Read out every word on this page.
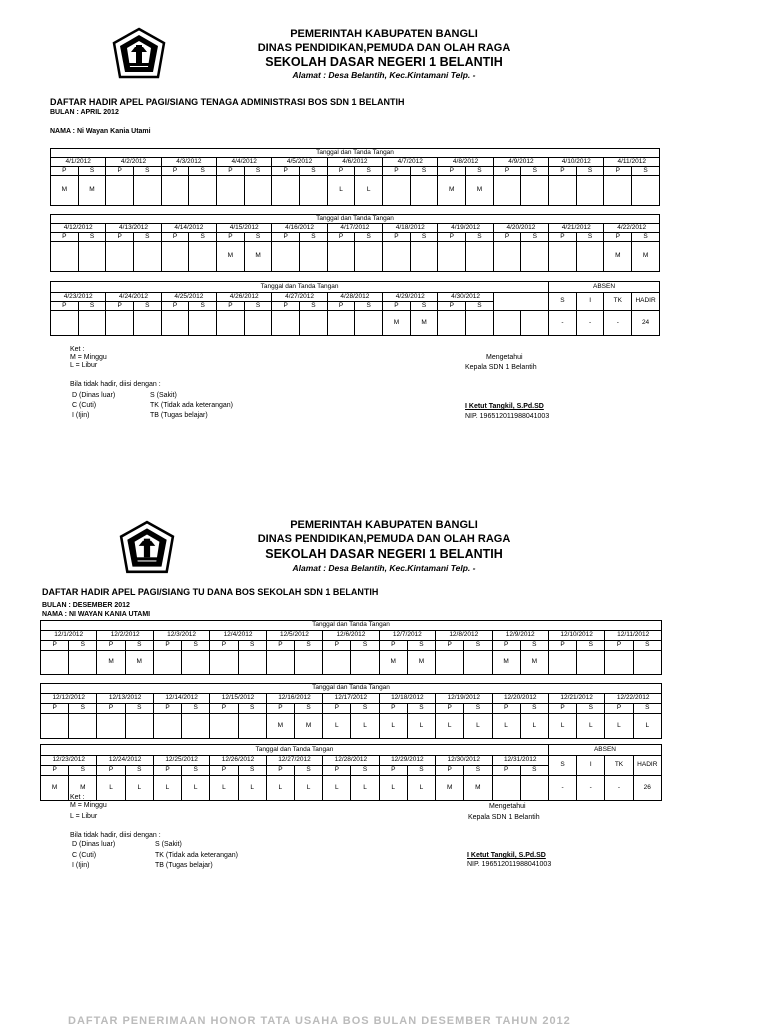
PEMERINTAH KABUPATEN BANGLI
DINAS PENDIDIKAN,PEMUDA DAN OLAH RAGA
SEKOLAH DASAR NEGERI 1 BELANTIH
Alamat : Desa Belantih, Kec.Kintamani Telp. -
DAFTAR HADIR APEL PAGI/SIANG TENAGA ADMINISTRASI BOS SDN 1 BELANTIH
BULAN : APRIL 2012
NAMA : Ni Wayan Kania Utami
Tanggal dan Tanda Tangan																					
4/1/2012		4/2/2012		4/3/2012		4/4/2012		4/5/2012		4/6/2012		4/7/2012		4/8/2012		4/9/2012		4/10/2012		4/11/2012	
P	S	P	S	P	S	P	S	P	S	P	S	P	S	P	S	P	S	P	S	P	S
M	M									L	L			M	M						
Tanggal dan Tanda Tangan																					
4/12/2012		4/13/2012		4/14/2012		4/15/2012		4/16/2012		4/17/2012		4/18/2012		4/19/2012		4/20/2012		4/21/2012		4/22/2012	
P	S	P	S	P	S	P	S	P	S	P	S	P	S	P	S	P	S	P	S	P	S
						M	M													M	M
Tanggal dan Tanda Tangan																		ABSEN			
4/23/2012		4/24/2012		4/25/2012		4/26/2012		4/27/2012		4/28/2012		4/29/2012		4/30/2012				S	I	TK	HADIR
P	S	P	S	P	S	P	S	P	S	P	S	P	S	P	S						
												M	M					-	-	-	24
Ket :
M = Minggu
L = Libur
Bila tidak hadir, diisi dengan :
D (Dinas luar)	S (Sakit)
C (Cuti)	TK (Tidak ada keterangan)
I (Ijin)	TB (Tugas belajar)
Mengetahui
Kepala SDN 1 Belantih
I Ketut Tangkil, S.Pd.SD
NIP. 196512011988041003
PEMERINTAH KABUPATEN BANGLI
DINAS PENDIDIKAN,PEMUDA DAN OLAH RAGA
SEKOLAH DASAR NEGERI 1 BELANTIH
Alamat : Desa Belantih, Kec.Kintamani Telp. -
DAFTAR HADIR APEL PAGI/SIANG TU DANA BOS SEKOLAH SDN 1 BELANTIH
BULAN : DESEMBER 2012
NAMA : NI WAYAN KANIA UTAMI
Tanggal dan Tanda Tangan																					
12/1/2012		12/2/2012		12/3/2012		12/4/2012		12/5/2012		12/6/2012		12/7/2012		12/8/2012		12/9/2012		12/10/2012		12/11/2012	
P	S	P	S	P	S	P	S	P	S	P	S	P	S	P	S	P	S	P	S	P	S
		M	M									M	M			M	M				
Tanggal dan Tanda Tangan																					
12/12/2012		12/13/2012		12/14/2012		12/15/2012		12/16/2012		12/17/2012		12/18/2012		12/19/2012		12/20/2012		12/21/2012		12/22/2012	
P	S	P	S	P	S	P	S	P	S	P	S	P	S	P	S	P	S	P	S	P	S
								M	M	L	L	L	L	L	L	L	L	L	L	L	L
Tanggal dan Tanda Tangan																		ABSEN			
12/23/2012		12/24/2012		12/25/2012		12/26/2012		12/27/2012		12/28/2012		12/29/2012		12/30/2012		12/31/2012		S	I	TK	HADIR
P	S	P	S	P	S	P	S	P	S	P	S	P	S	P	S	P	S				
M	M	L	L	L	L	L	L	L	L	L	L	L	L	M	M			-	-	-	26
Ket :
M = Minggu
L = Libur
Bila tidak hadir, diisi dengan :
D (Dinas luar)	S (Sakit)
C (Cuti)	TK (Tidak ada keterangan)
I (Ijin)	TB (Tugas belajar)
Mengetahui
Kepala SDN 1 Belantih
I Ketut Tangkil, S.Pd.SD
NIP. 196512011988041003
DAFTAR PENERIMAAN HONOR TATA USAHA BOS BULAN DESEMBER TAHUN 2012
